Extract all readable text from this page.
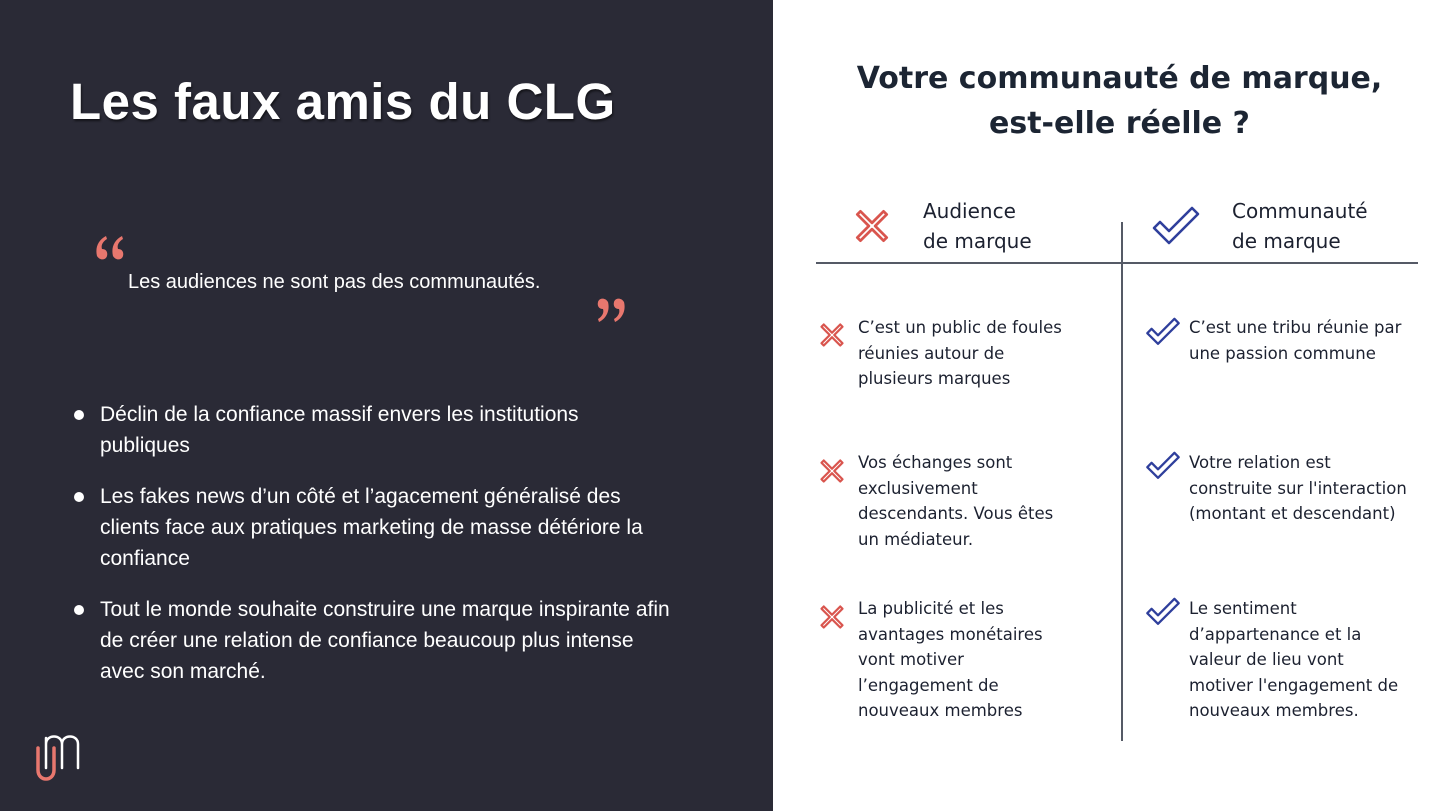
Les faux amis du CLG
Les audiences ne sont pas des communautés.
Déclin de la confiance massif envers les institutions publiques
Les fakes news d’un côté et l’agacement généralisé des clients face aux pratiques marketing de masse détériore la confiance
Tout le monde souhaite construire une marque inspirante afin de créer une relation de confiance beaucoup plus intense avec son marché.
Votre communauté de marque,
est-elle réelle ?
Audience
de marque
Communauté
de marque
C’est un public de foules
réunies autour de
plusieurs marques
Vos échanges sont
exclusivement
descendants. Vous êtes
un médiateur.
La publicité et les
avantages monétaires
vont motiver
l’engagement de
nouveaux membres
C’est une tribu réunie par
une passion commune
Votre relation est
construite sur l'interaction
(montant et descendant)
Le sentiment
d’appartenance et la
valeur de lieu vont
motiver l'engagement de
nouveaux membres.
